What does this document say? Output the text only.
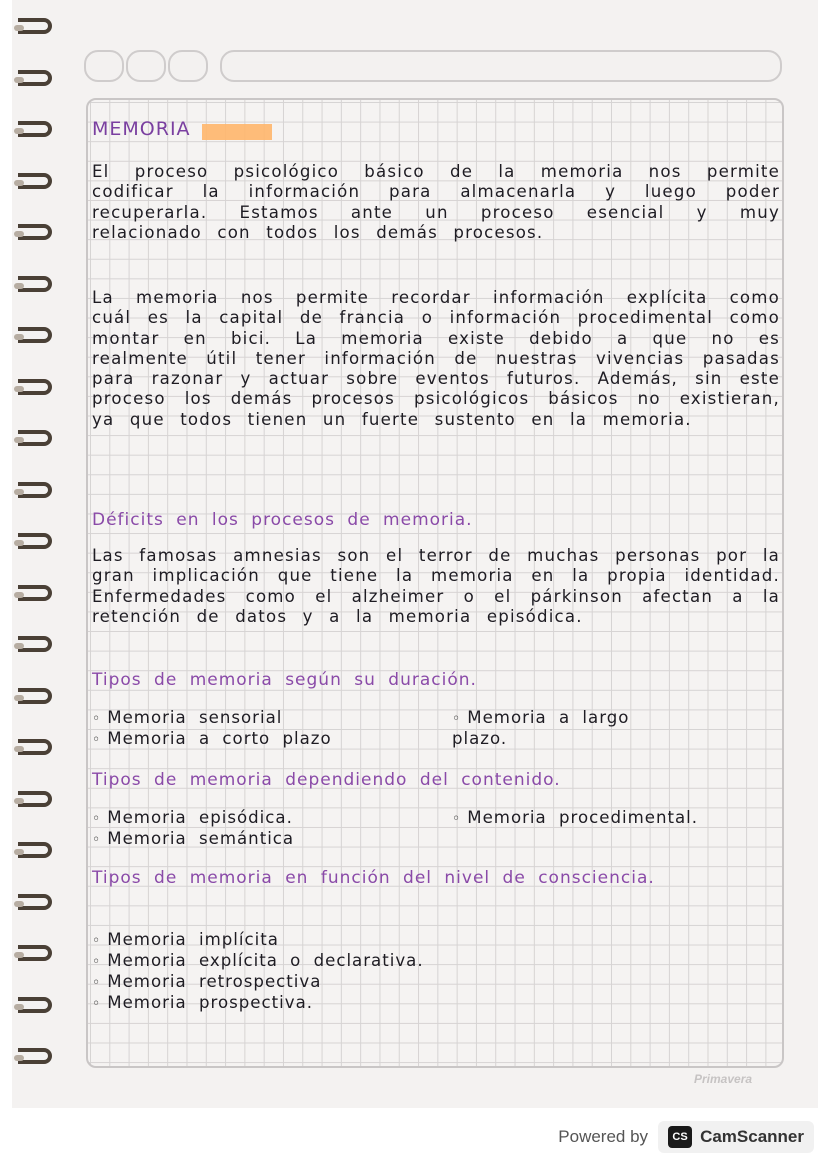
MEMORIA
El proceso psicológico básico de la memoria nos permite codificar la información para almacenarla y luego poder recuperarla. Estamos ante un proceso esencial y muy relacionado con todos los demás procesos.
La memoria nos permite recordar información explícita como cuál es la capital de francia o información procedimental como montar en bici. La memoria existe debido a que no es realmente útil tener información de nuestras vivencias pasadas para razonar y actuar sobre eventos futuros. Además, sin este proceso los demás procesos psicológicos básicos no existieran, ya que todos tienen un fuerte sustento en la memoria.
Déficits en los procesos de memoria.
Las famosas amnesias son el terror de muchas personas por la gran implicación que tiene la memoria en la propia identidad. Enfermedades como el alzheimer o el párkinson afectan a la retención de datos y a la memoria episódica.
Tipos de memoria según su duración.
◦ Memoria sensorial
◦ Memoria a corto plazo
◦ Memoria a largo plazo.
Tipos de memoria dependiendo del contenido.
◦ Memoria episódica.
◦ Memoria semántica
◦ Memoria procedimental.
Tipos de memoria en función del nivel de consciencia.
◦ Memoria implícita
◦ Memoria explícita o declarativa.
◦ Memoria retrospectiva
◦ Memoria prospectiva.
Primavera
Powered by	CS CamScanner
